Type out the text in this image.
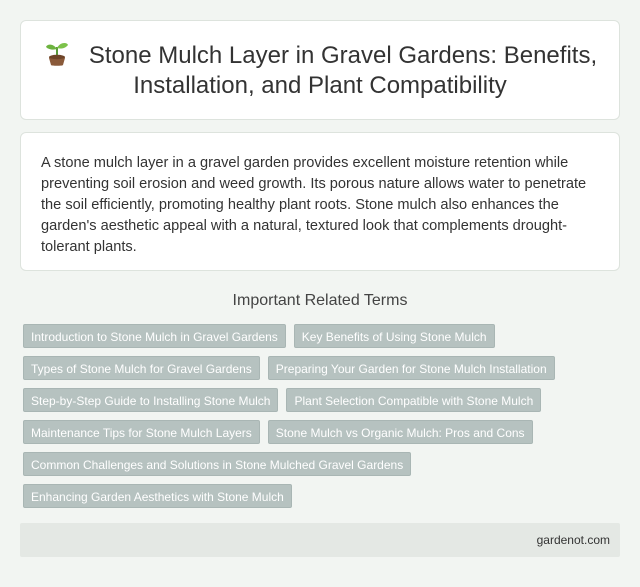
Stone Mulch Layer in Gravel Gardens: Benefits, Installation, and Plant Compatibility

A stone mulch layer in a gravel garden provides excellent moisture retention while preventing soil erosion and weed growth. Its porous nature allows water to penetrate the soil efficiently, promoting healthy plant roots. Stone mulch also enhances the garden's aesthetic appeal with a natural, textured look that complements drought-tolerant plants.

Important Related Terms
Introduction to Stone Mulch in Gravel Gardens	Key Benefits of Using Stone Mulch
Types of Stone Mulch for Gravel Gardens	Preparing Your Garden for Stone Mulch Installation
Step-by-Step Guide to Installing Stone Mulch	Plant Selection Compatible with Stone Mulch
Maintenance Tips for Stone Mulch Layers	Stone Mulch vs Organic Mulch: Pros and Cons
Common Challenges and Solutions in Stone Mulched Gravel Gardens
Enhancing Garden Aesthetics with Stone Mulch
gardenot.com
